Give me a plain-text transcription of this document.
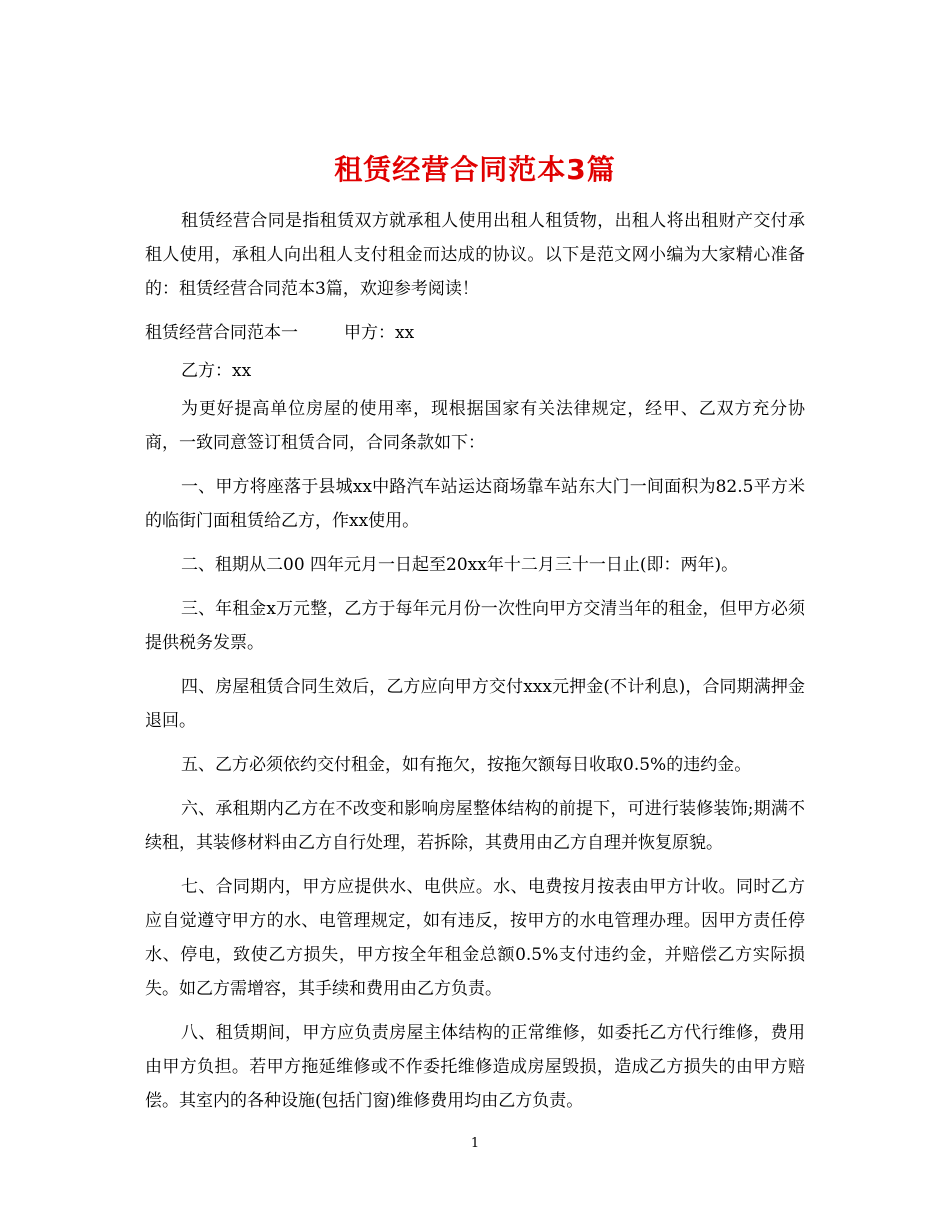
租赁经营合同范本3篇

租赁经营合同是指租赁双方就承租人使用出租人租赁物，出租人将出租财产交付承租人使用，承租人向出租人支付租金而达成的协议。以下是范文网小编为大家精心准备的：租赁经营合同范本3篇，欢迎参考阅读！

租赁经营合同范本一	甲方：xx

乙方：xx

为更好提高单位房屋的使用率，现根据国家有关法律规定，经甲、乙双方充分协商，一致同意签订租赁合同，合同条款如下：

一、甲方将座落于县城xx中路汽车站运达商场靠车站东大门一间面积为82.5平方米的临街门面租赁给乙方，作xx使用。

二、租期从二00 四年元月一日起至20xx年十二月三十一日止(即：两年)。

三、年租金x万元整，乙方于每年元月份一次性向甲方交清当年的租金，但甲方必须提供税务发票。

四、房屋租赁合同生效后，乙方应向甲方交付xxx元押金(不计利息)，合同期满押金退回。

五、乙方必须依约交付租金，如有拖欠，按拖欠额每日收取0.5%的违约金。

六、承租期内乙方在不改变和影响房屋整体结构的前提下，可进行装修装饰;期满不续租，其装修材料由乙方自行处理，若拆除，其费用由乙方自理并恢复原貌。

七、合同期内，甲方应提供水、电供应。水、电费按月按表由甲方计收。同时乙方应自觉遵守甲方的水、电管理规定，如有违反，按甲方的水电管理办理。因甲方责任停水、停电，致使乙方损失，甲方按全年租金总额0.5%支付违约金，并赔偿乙方实际损失。如乙方需增容，其手续和费用由乙方负责。

八、租赁期间，甲方应负责房屋主体结构的正常维修，如委托乙方代行维修，费用由甲方负担。若甲方拖延维修或不作委托维修造成房屋毁损，造成乙方损失的由甲方赔偿。其室内的各种设施(包括门窗)维修费用均由乙方负责。

1
